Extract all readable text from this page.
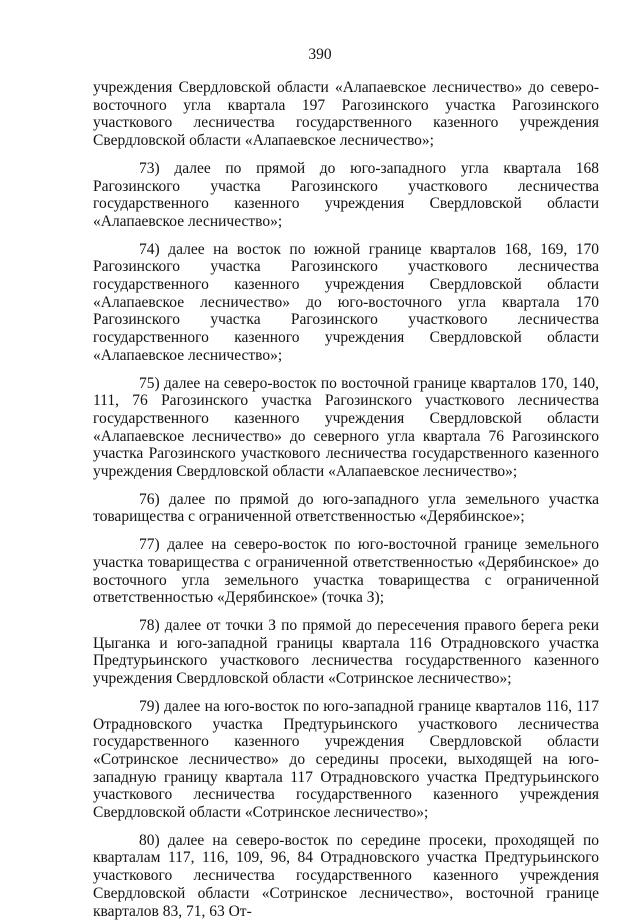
390

учреждения Свердловской области «Алапаевское лесничество» до северо-восточного угла квартала 197 Рагозинского участка Рагозинского участкового лесничества государственного казенного учреждения Свердловской области «Алапаевское лесничество»;

73) далее по прямой до юго-западного угла квартала 168 Рагозинского участка Рагозинского участкового лесничества государственного казенного учреждения Свердловской области «Алапаевское лесничество»;

74) далее на восток по южной границе кварталов 168, 169, 170 Рагозинского участка Рагозинского участкового лесничества государственного казенного учреждения Свердловской области «Алапаевское лесничество» до юго-восточного угла квартала 170 Рагозинского участка Рагозинского участкового лесничества государственного казенного учреждения Свердловской области «Алапаевское лесничество»;

75) далее на северо-восток по восточной границе кварталов 170, 140, 111, 76 Рагозинского участка Рагозинского участкового лесничества государственного казенного учреждения Свердловской области «Алапаевское лесничество» до северного угла квартала 76 Рагозинского участка Рагозинского участкового лесничества государственного казенного учреждения Свердловской области «Алапаевское лесничество»;

76) далее по прямой до юго-западного угла земельного участка товарищества с ограниченной ответственностью «Дерябинское»;

77) далее на северо-восток по юго-восточной границе земельного участка товарищества с ограниченной ответственностью «Дерябинское» до восточного угла земельного участка товарищества с ограниченной ответственностью «Дерябинское» (точка З);

78) далее от точки З по прямой до пересечения правого берега реки Цыганка и юго-западной границы квартала 116 Отрадновского участка Предтурьинского участкового лесничества государственного казенного учреждения Свердловской области «Сотринское лесничество»;

79) далее на юго-восток по юго-западной границе кварталов 116, 117 Отрадновского участка Предтурьинского участкового лесничества государственного казенного учреждения Свердловской области «Сотринское лесничество» до середины просеки, выходящей на юго-западную границу квартала 117 Отрадновского участка Предтурьинского участкового лесничества государственного казенного учреждения Свердловской области «Сотринское лесничество»;

80) далее на северо-восток по середине просеки, проходящей по кварталам 117, 116, 109, 96, 84 Отрадновского участка Предтурьинского участкового лесничества государственного казенного учреждения Свердловской области «Сотринское лесничество», восточной границе кварталов 83, 71, 63 От-
